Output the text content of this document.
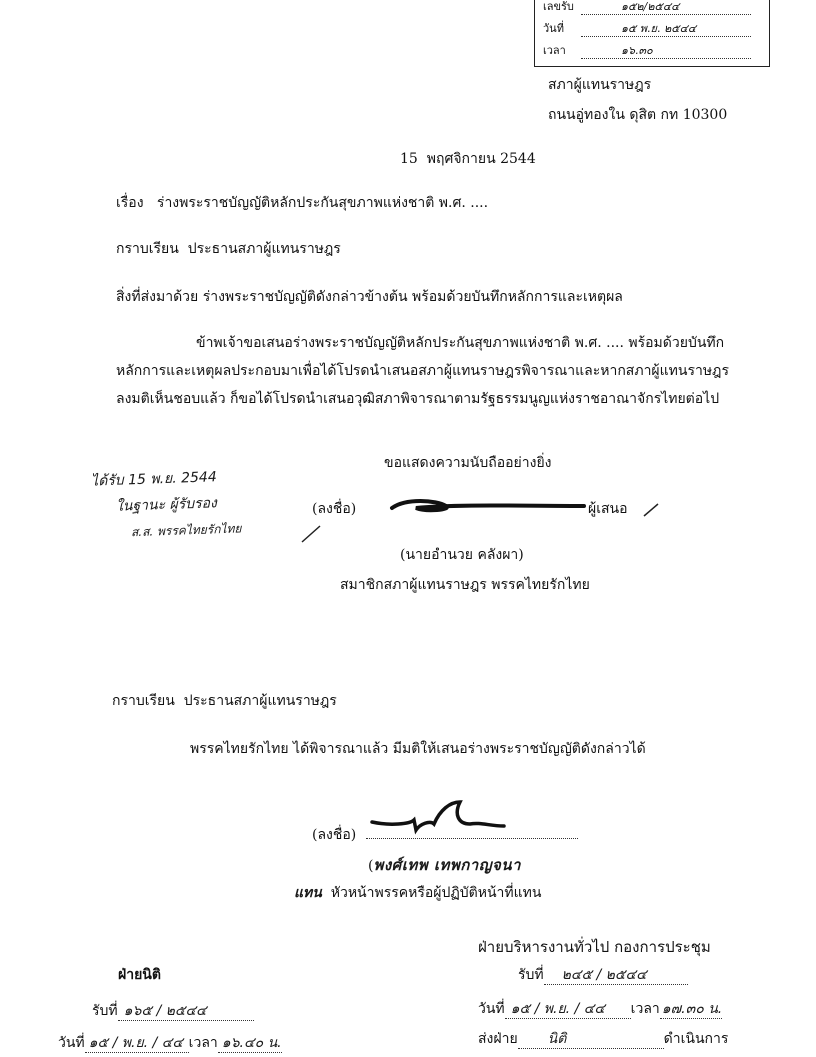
เลขรับ	๑๕๒/๒๕๔๔
วันที่	๑๕ พ.ย. ๒๕๔๔
เวลา	๑๖.๓๐
สภาผู้แทนราษฎร
ถนนอู่ทองใน ดุสิต กท 10300
15 พฤศจิกายน 2544
เรื่อง ร่างพระราชบัญญัติหลักประกันสุขภาพแห่งชาติ พ.ศ. ....
กราบเรียน ประธานสภาผู้แทนราษฎร
สิ่งที่ส่งมาด้วย ร่างพระราชบัญญัติดังกล่าวข้างต้น พร้อมด้วยบันทึกหลักการและเหตุผล
ข้าพเจ้าขอเสนอร่างพระราชบัญญัติหลักประกันสุขภาพแห่งชาติ พ.ศ. .... พร้อมด้วยบันทึก
หลักการและเหตุผลประกอบมาเพื่อได้โปรดนำเสนอสภาผู้แทนราษฎรพิจารณาและหากสภาผู้แทนราษฎร
ลงมติเห็นชอบแล้ว ก็ขอได้โปรดนำเสนอวุฒิสภาพิจารณาตามรัฐธรรมนูญแห่งราชอาณาจักรไทยต่อไป
ขอแสดงความนับถืออย่างยิ่ง
ได้รับ 15 พ.ย. 2544
ในฐานะ ผู้รับรอง
ส.ส. พรรคไทยรักไทย
(ลงชื่อ)	ผู้เสนอ
(นายอำนวย คลังผา)
สมาชิกสภาผู้แทนราษฎร พรรคไทยรักไทย
กราบเรียน ประธานสภาผู้แทนราษฎร
พรรคไทยรักไทย ได้พิจารณาแล้ว มีมติให้เสนอร่างพระราชบัญญัติดังกล่าวได้
(ลงชื่อ)
(พงศ์เทพ เทพกาญจนา
แทน หัวหน้าพรรคหรือผู้ปฏิบัติหน้าที่แทน
ฝ่ายนิติ
รับที่ ๑๖๕ / ๒๕๔๔
วันที่ ๑๕ / พ.ย. / ๔๔ เวลา ๑๖.๔๐ น.
ฝ่ายบริหารงานทั่วไป กองการประชุม
รับที่ ๒๔๕ / ๒๕๔๔
วันที่ ๑๕ / พ.ย. / ๔๔ เวลา ๑๗.๓๐ น.
ส่งฝ่าย นิติ	ดำเนินการ
